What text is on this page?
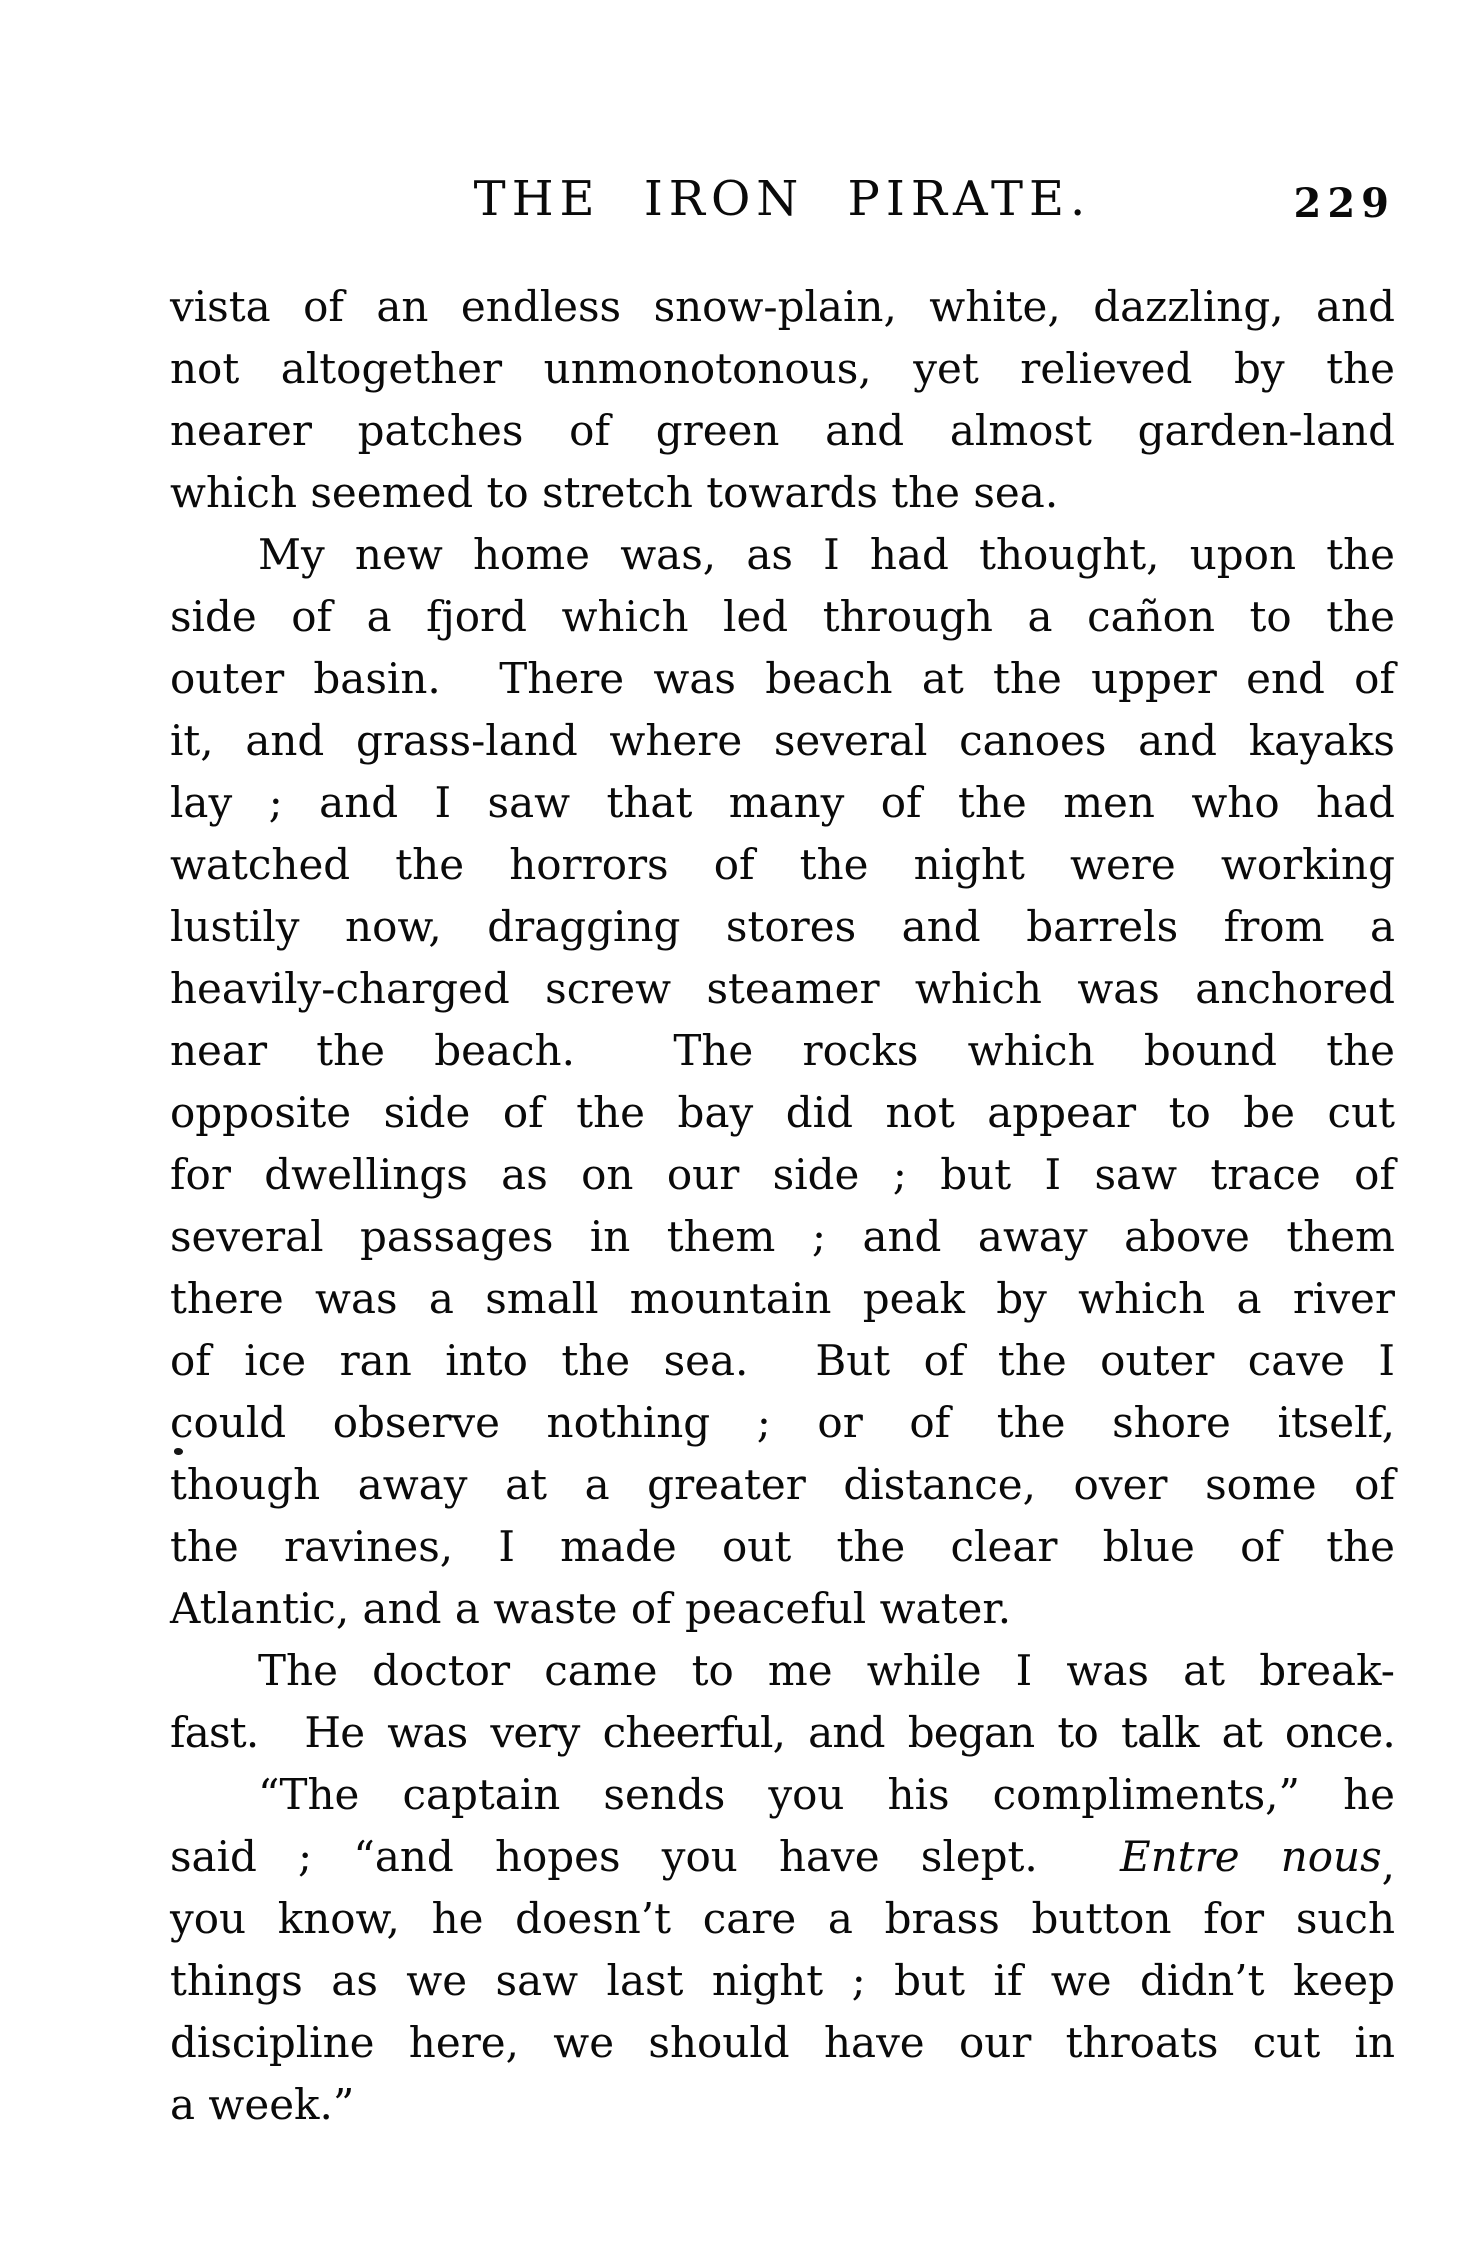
THE IRON PIRATE.	229
vista of an endless snow-plain, white, dazzling, and
not altogether unmonotonous, yet relieved by the
nearer patches of green and almost garden-land
which seemed to stretch towards the sea.
My new home was, as I had thought, upon the
side of a fjord which led through a cañon to the
outer basin.  There was beach at the upper end of
it, and grass-land where several canoes and kayaks
lay ; and I saw that many of the men who had
watched the horrors of the night were working
lustily now, dragging stores and barrels from a
heavily-charged screw steamer which was anchored
near the beach.  The rocks which bound the
opposite side of the bay did not appear to be cut
for dwellings as on our side ; but I saw trace of
several passages in them ; and away above them
there was a small mountain peak by which a river
of ice ran into the sea.  But of the outer cave I
could observe nothing ; or of the shore itself,
though away at a greater distance, over some of
the ravines, I made out the clear blue of the
Atlantic, and a waste of peaceful water.
The doctor came to me while I was at break-
fast.  He was very cheerful, and began to talk at once.
“The captain sends you his compliments,” he
said ; “and hopes you have slept.  Entre nous,
you know, he doesn’t care a brass button for such
things as we saw last night ; but if we didn’t keep
discipline here, we should have our throats cut in
a week.”
